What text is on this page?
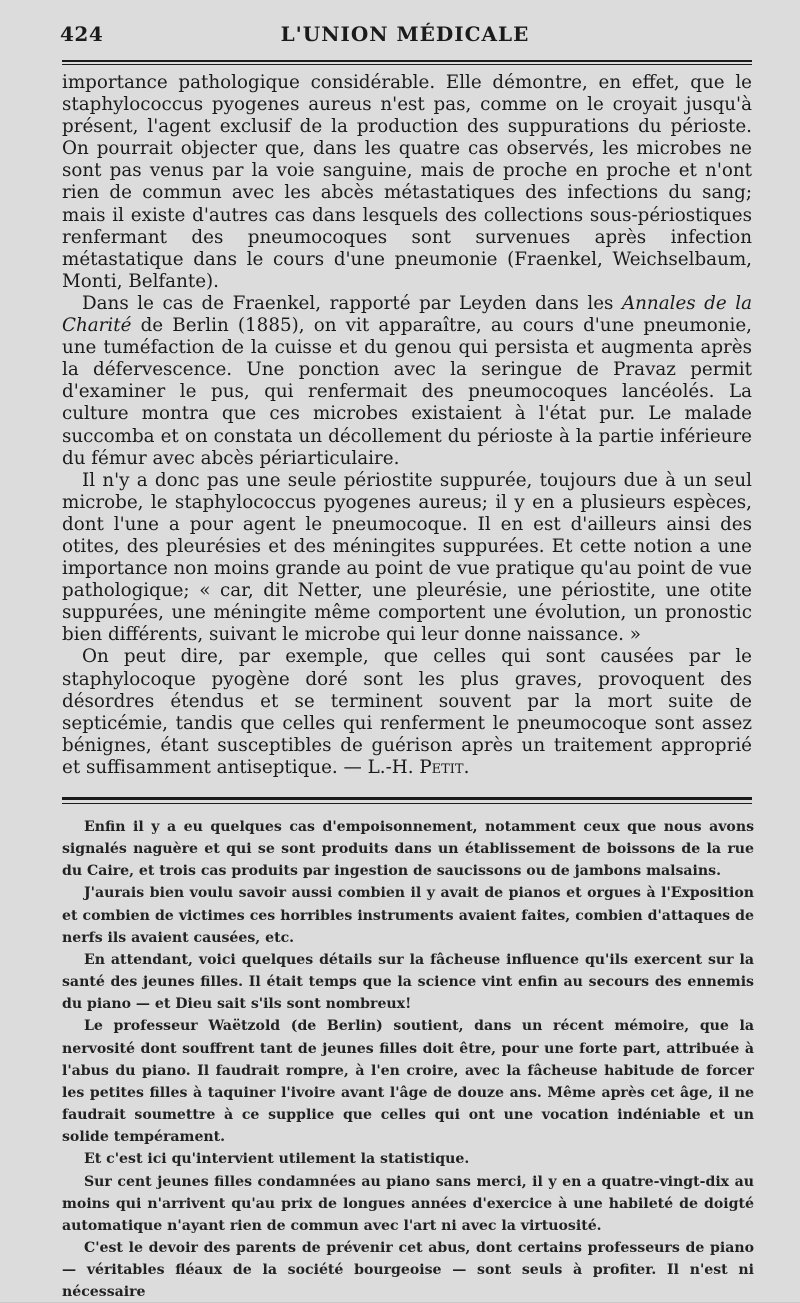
424	L'UNION MÉDICALE

importance pathologique considérable. Elle démontre, en effet, que le staphylococcus pyogenes aureus n'est pas, comme on le croyait jusqu'à présent, l'agent exclusif de la production des suppurations du périoste. On pourrait objecter que, dans les quatre cas observés, les microbes ne sont pas venus par la voie sanguine, mais de proche en proche et n'ont rien de commun avec les abcès métastatiques des infections du sang; mais il existe d'autres cas dans lesquels des collections sous-périostiques renfermant des pneumocoques sont survenues après infection métastatique dans le cours d'une pneumonie (Fraenkel, Weichselbaum, Monti, Belfante).

Dans le cas de Fraenkel, rapporté par Leyden dans les Annales de la Charité de Berlin (1885), on vit apparaître, au cours d'une pneumonie, une tuméfaction de la cuisse et du genou qui persista et augmenta après la défervescence. Une ponction avec la seringue de Pravaz permit d'examiner le pus, qui renfermait des pneumocoques lancéolés. La culture montra que ces microbes existaient à l'état pur. Le malade succomba et on constata un décollement du périoste à la partie inférieure du fémur avec abcès périarticulaire.

Il n'y a donc pas une seule périostite suppurée, toujours due à un seul microbe, le staphylococcus pyogenes aureus; il y en a plusieurs espèces, dont l'une a pour agent le pneumocoque. Il en est d'ailleurs ainsi des otites, des pleurésies et des méningites suppurées. Et cette notion a une importance non moins grande au point de vue pratique qu'au point de vue pathologique; « car, dit Netter, une pleurésie, une périostite, une otite suppurées, une méningite même comportent une évolution, un pronostic bien différents, suivant le microbe qui leur donne naissance. »

On peut dire, par exemple, que celles qui sont causées par le staphylocoque pyogène doré sont les plus graves, provoquent des désordres étendus et se terminent souvent par la mort suite de septicémie, tandis que celles qui renferment le pneumocoque sont assez bénignes, étant susceptibles de guérison après un traitement approprié et suffisamment antiseptique. — L.-H. Petit.

Enfin il y a eu quelques cas d'empoisonnement, notamment ceux que nous avons signalés naguère et qui se sont produits dans un établissement de boissons de la rue du Caire, et trois cas produits par ingestion de saucissons ou de jambons malsains.

J'aurais bien voulu savoir aussi combien il y avait de pianos et orgues à l'Exposition et combien de victimes ces horribles instruments avaient faites, combien d'attaques de nerfs ils avaient causées, etc.

En attendant, voici quelques détails sur la fâcheuse influence qu'ils exercent sur la santé des jeunes filles. Il était temps que la science vint enfin au secours des ennemis du piano — et Dieu sait s'ils sont nombreux!

Le professeur Waëtzold (de Berlin) soutient, dans un récent mémoire, que la nervosité dont souffrent tant de jeunes filles doit être, pour une forte part, attribuée à l'abus du piano. Il faudrait rompre, à l'en croire, avec la fâcheuse habitude de forcer les petites filles à taquiner l'ivoire avant l'âge de douze ans. Même après cet âge, il ne faudrait soumettre à ce supplice que celles qui ont une vocation indéniable et un solide tempérament.

Et c'est ici qu'intervient utilement la statistique.

Sur cent jeunes filles condamnées au piano sans merci, il y en a quatre-vingt-dix au moins qui n'arrivent qu'au prix de longues années d'exercice à une habileté de doigté automatique n'ayant rien de commun avec l'art ni avec la virtuosité.

C'est le devoir des parents de prévenir cet abus, dont certains professeurs de piano — véritables fléaux de la société bourgeoise — sont seuls à profiter. Il n'est ni nécessaire
